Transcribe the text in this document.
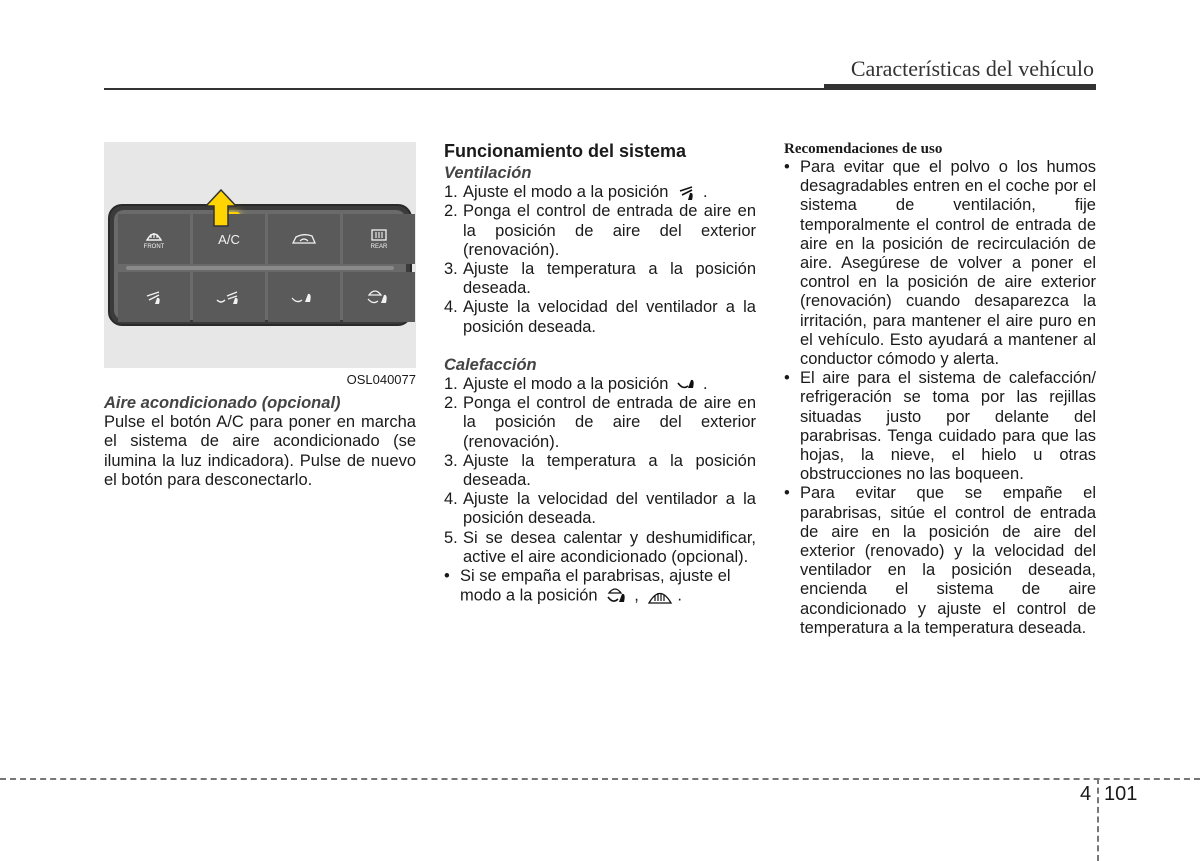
Características del vehículo
FRONT
A/C	REAR
OSL040077
Aire acondicionado (opcional)
Pulse el botón A/C para poner en marcha el sistema de aire acondicionado (se ilumina la luz indicadora). Pulse de nuevo el botón para desconectarlo.
Funcionamiento del sistema
Ventilación
1. Ajuste el modo a la posición .
2. Ponga el control de entrada de aire en la posición de aire del exterior (renovación).
3. Ajuste la temperatura a la posición deseada.
4. Ajuste la velocidad del ventilador a la posición deseada.
Calefacción
1. Ajuste el modo a la posición .
2. Ponga el control de entrada de aire en la posición de aire del exterior (renovación).
3. Ajuste la temperatura a la posición deseada.
4. Ajuste la velocidad del ventilador a la posición deseada.
5. Si se desea calentar y deshumidificar, active el aire acondicionado (opcional).
• Si se empaña el parabrisas, ajuste el modo a la posición , .
Recomendaciones de uso
• Para evitar que el polvo o los humos desagradables entren en el coche por el sistema de ventilación, fije temporalmente el control de entrada de aire en la posición de recirculación de aire. Asegúrese de volver a poner el control en la posición de aire exterior (renovación) cuando desaparezca la irritación, para mantener el aire puro en el vehículo. Esto ayudará a mantener al conductor cómodo y alerta.
• El aire para el sistema de calefacción/ refrigeración se toma por las rejillas situadas justo por delante del parabrisas. Tenga cuidado para que las hojas, la nieve, el hielo u otras obstrucciones no las boqueen.
• Para evitar que se empañe el parabrisas, sitúe el control de entrada de aire en la posición de aire del exterior (renovado) y la velocidad del ventilador en la posición deseada, encienda el sistema de aire acondicionado y ajuste el control de temperatura a la temperatura deseada.
4 101
